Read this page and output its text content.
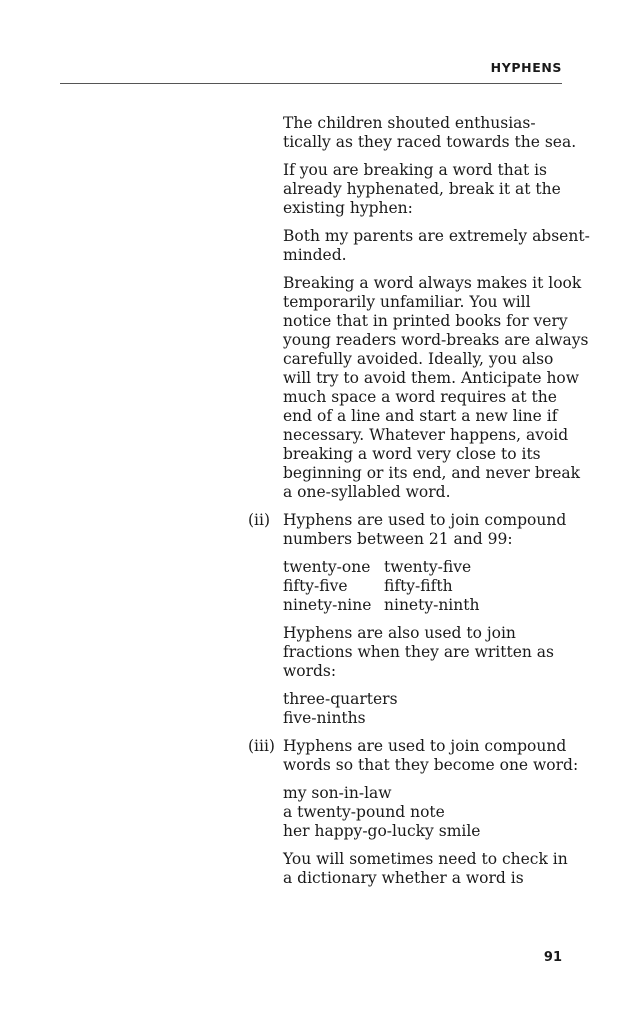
HYPHENS

The children shouted enthusias-
tically as they raced towards the sea.

If you are breaking a word that is
already hyphenated, break it at the
existing hyphen:

Both my parents are extremely absent-
minded.

Breaking a word always makes it look
temporarily unfamiliar. You will
notice that in printed books for very
young readers word-breaks are always
carefully avoided. Ideally, you also
will try to avoid them. Anticipate how
much space a word requires at the
end of a line and start a new line if
necessary. Whatever happens, avoid
breaking a word very close to its
beginning or its end, and never break
a one-syllabled word.

(ii) Hyphens are used to join compound
numbers between 21 and 99:

twenty-one twenty-five
fifty-five	fifty-fifth
ninety-nine ninety-ninth

Hyphens are also used to join
fractions when they are written as
words:

three-quarters
five-ninths
(iii) Hyphens are used to join compound
words so that they become one word:

my son-in-law
a twenty-pound note
her happy-go-lucky smile

You will sometimes need to check in
a dictionary whether a word is

91
